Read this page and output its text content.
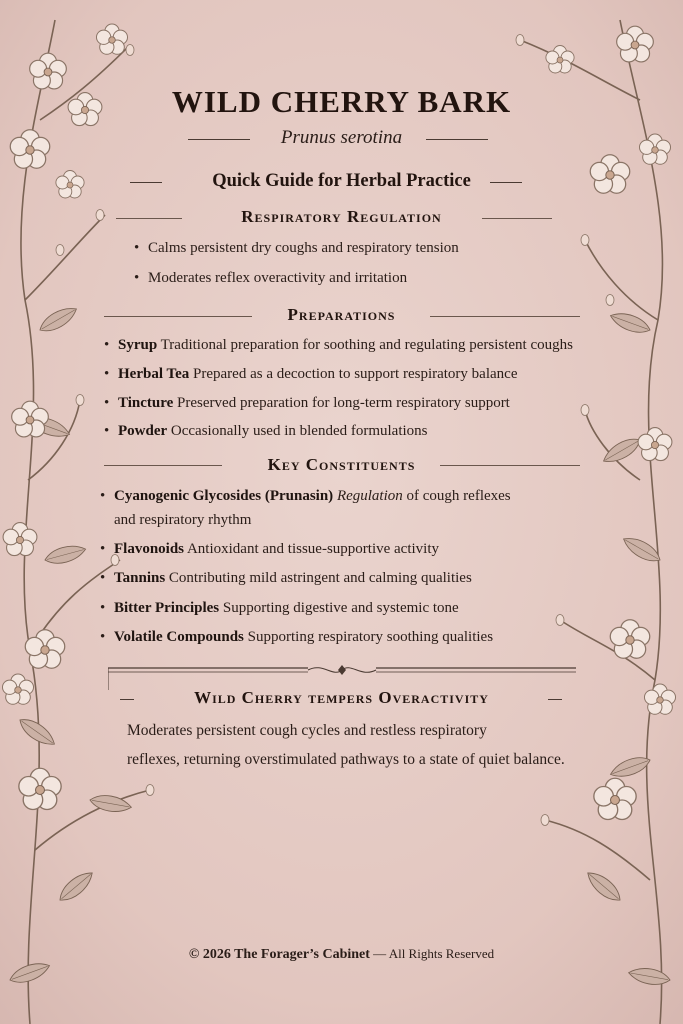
WILD CHERRY BARK
Prunus serotina
Quick Guide for Herbal Practice
Respiratory Regulation
• Calms persistent dry coughs and respiratory tension
• Moderates reflex overactivity and irritation
Preparations
• Syrup Traditional preparation for soothing and regulating persistent coughs
• Herbal Tea Prepared as a decoction to support respiratory balance
• Tincture Preserved preparation for long-term respiratory support
• Powder Occasionally used in blended formulations
Key Constituents
• Cyanogenic Glycosides (Prunasin) Regulation of cough reflexes
and respiratory rhythm
• Flavonoids Antioxidant and tissue-supportive activity
• Tannins Contributing mild astringent and calming qualities
• Bitter Principles Supporting digestive and systemic tone
• Volatile Compounds Supporting respiratory soothing qualities
Wild Cherry tempers Overactivity
Moderates persistent cough cycles and restless respiratory
reflexes, returning overstimulated pathways to a state of quiet balance.
© 2026 The Forager’s Cabinet — All Rights Reserved
